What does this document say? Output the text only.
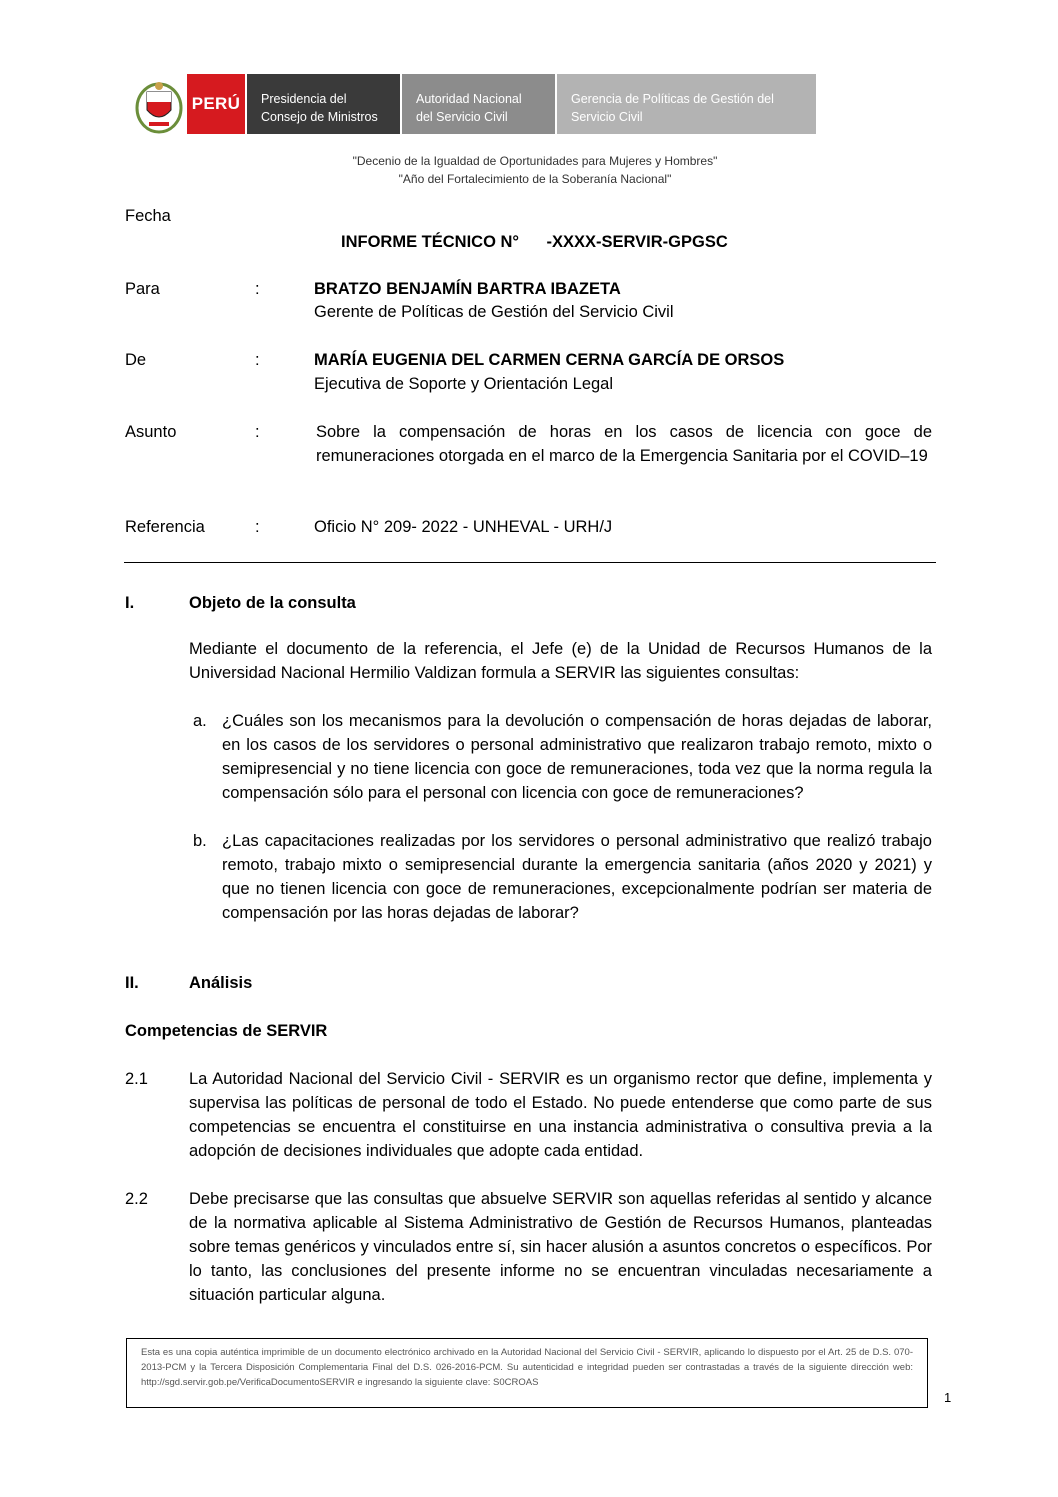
PERÚ Presidencia del
Consejo de Ministros
Autoridad Nacional
del Servicio Civil
Gerencia de Políticas de Gestión del
Servicio Civil
"Decenio de la Igualdad de Oportunidades para Mujeres y Hombres"
"Año del Fortalecimiento de la Soberanía Nacional"
Fecha
INFORME TÉCNICO N°      -XXXX-SERVIR-GPGSC
Para	:	BRATZO BENJAMÍN BARTRA IBAZETA
Gerente de Políticas de Gestión del Servicio Civil
De	:	MARÍA EUGENIA DEL CARMEN CERNA GARCÍA DE ORSOS
Ejecutiva de Soporte y Orientación Legal
Asunto	:	Sobre la compensación de horas en los casos de licencia con goce de remuneraciones otorgada en el marco de la Emergencia Sanitaria por el COVID–19
Referencia	:	Oficio N° 209- 2022 - UNHEVAL - URH/J
I.	Objeto de la consulta
Mediante el documento de la referencia, el Jefe (e) de la Unidad de Recursos Humanos de la Universidad Nacional Hermilio Valdizan formula a SERVIR las siguientes consultas:
a. ¿Cuáles son los mecanismos para la devolución o compensación de horas dejadas de laborar, en los casos de los servidores o personal administrativo que realizaron trabajo remoto, mixto o semipresencial y no tiene licencia con goce de remuneraciones, toda vez que la norma regula la compensación sólo para el personal con licencia con goce de remuneraciones?
b. ¿Las capacitaciones realizadas por los servidores o personal administrativo que realizó trabajo remoto, trabajo mixto o semipresencial durante la emergencia sanitaria (años 2020 y 2021) y que no tienen licencia con goce de remuneraciones, excepcionalmente podrían ser materia de compensación por las horas dejadas de laborar?
II.	Análisis
Competencias de SERVIR
2.1 La Autoridad Nacional del Servicio Civil - SERVIR es un organismo rector que define, implementa y supervisa las políticas de personal de todo el Estado. No puede entenderse que como parte de sus competencias se encuentra el constituirse en una instancia administrativa o consultiva previa a la adopción de decisiones individuales que adopte cada entidad.
2.2 Debe precisarse que las consultas que absuelve SERVIR son aquellas referidas al sentido y alcance de la normativa aplicable al Sistema Administrativo de Gestión de Recursos Humanos, planteadas sobre temas genéricos y vinculados entre sí, sin hacer alusión a asuntos concretos o específicos. Por lo tanto, las conclusiones del presente informe no se encuentran vinculadas necesariamente a situación particular alguna.
Esta es una copia auténtica imprimible de un documento electrónico archivado en la Autoridad Nacional del Servicio Civil - SERVIR, aplicando lo dispuesto por el Art. 25 de D.S. 070-2013-PCM y la Tercera Disposición Complementaria Final del D.S. 026-2016-PCM. Su autenticidad e integridad pueden ser contrastadas a través de la siguiente dirección web: http://sgd.servir.gob.pe/VerificaDocumentoSERVIR e ingresando la siguiente clave: S0CROAS
1
